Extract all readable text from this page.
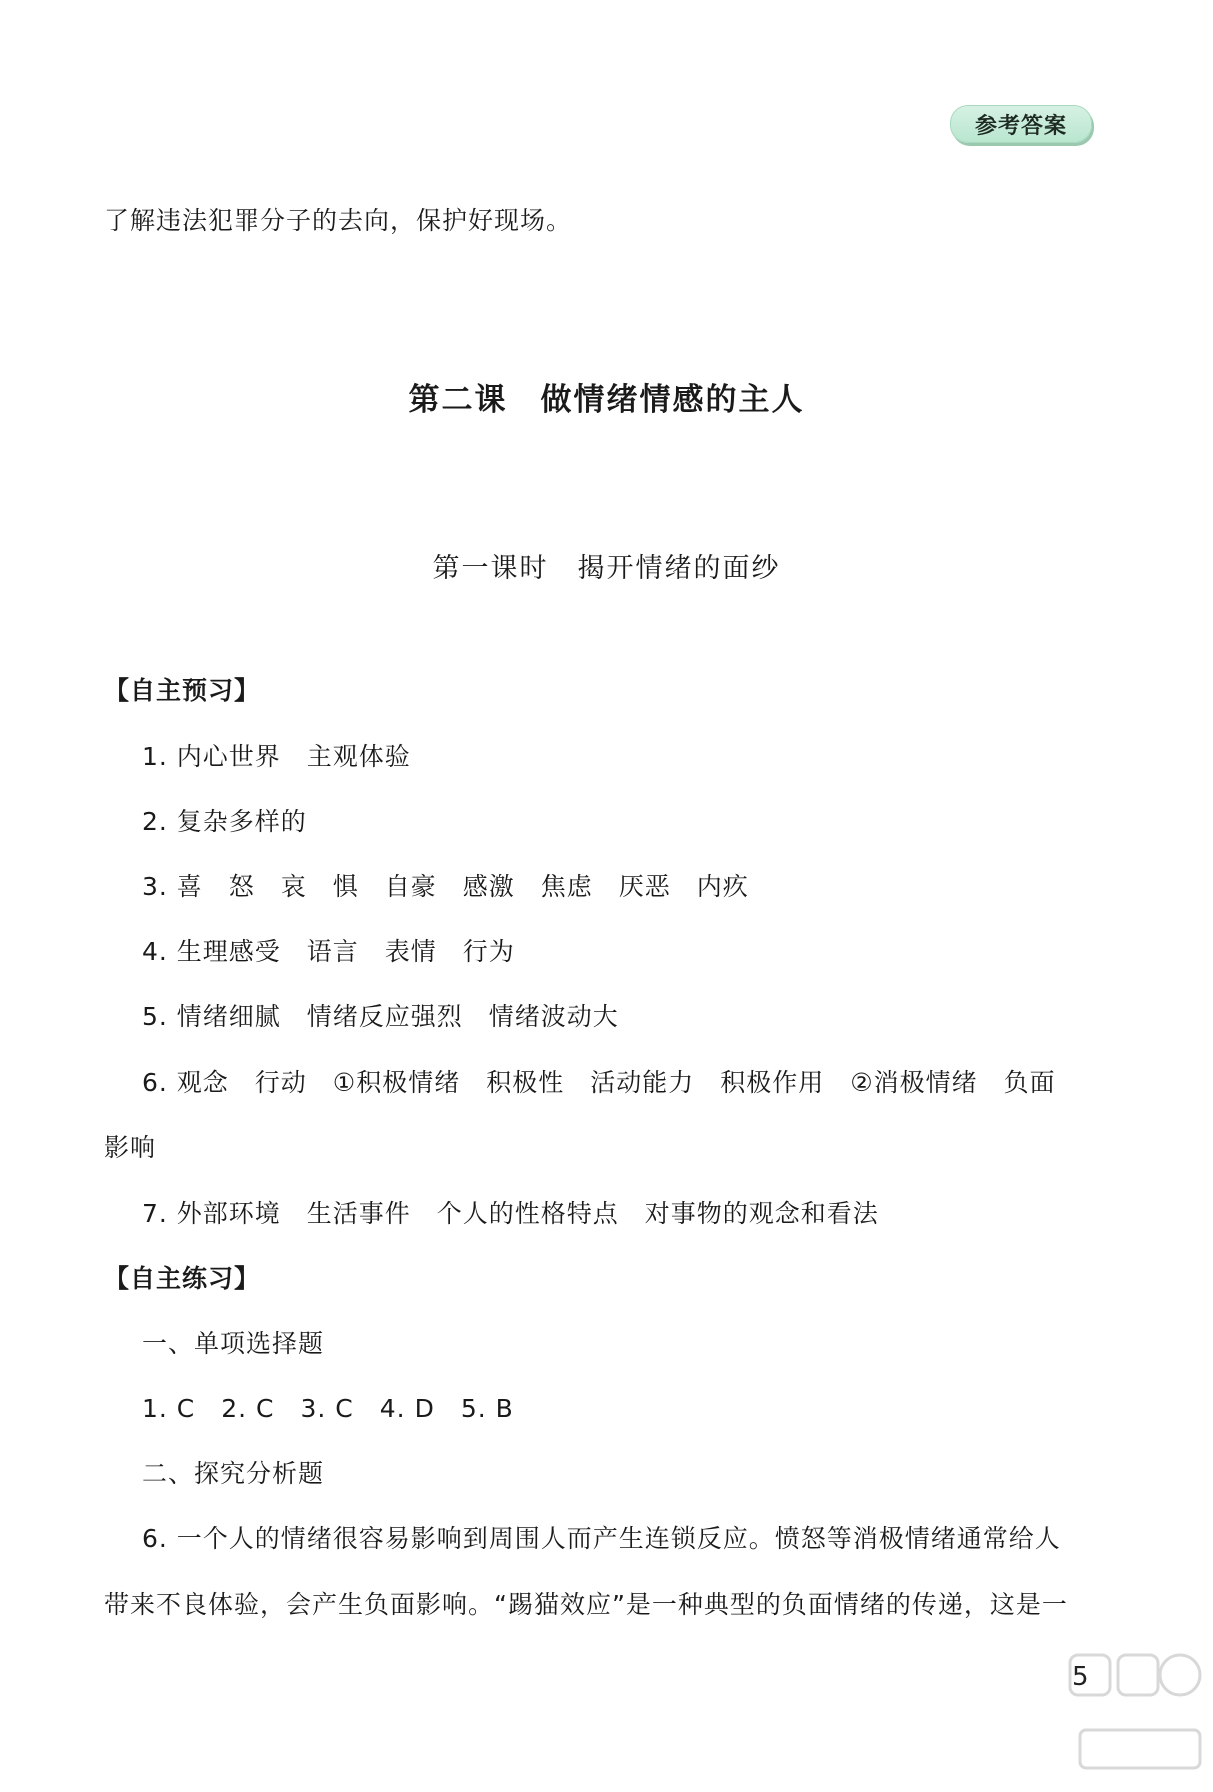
参考答案
了解违法犯罪分子的去向，保护好现场。
第二课　做情绪情感的主人
第一课时　揭开情绪的面纱
【自主预习】
1. 内心世界　主观体验
2. 复杂多样的
3. 喜　怒　哀　惧　自豪　感激　焦虑　厌恶　内疚
4. 生理感受　语言　表情　行为
5. 情绪细腻　情绪反应强烈　情绪波动大
6. 观念　行动　①积极情绪　积极性　活动能力　积极作用　②消极情绪　负面
影响
7. 外部环境　生活事件　个人的性格特点　对事物的观念和看法
【自主练习】
一、单项选择题
1. C　2. C　3. C　4. D　5. B
二、探究分析题
6. 一个人的情绪很容易影响到周围人而产生连锁反应。愤怒等消极情绪通常给人
带来不良体验，会产生负面影响。“踢猫效应”是一种典型的负面情绪的传递，这是一
5
